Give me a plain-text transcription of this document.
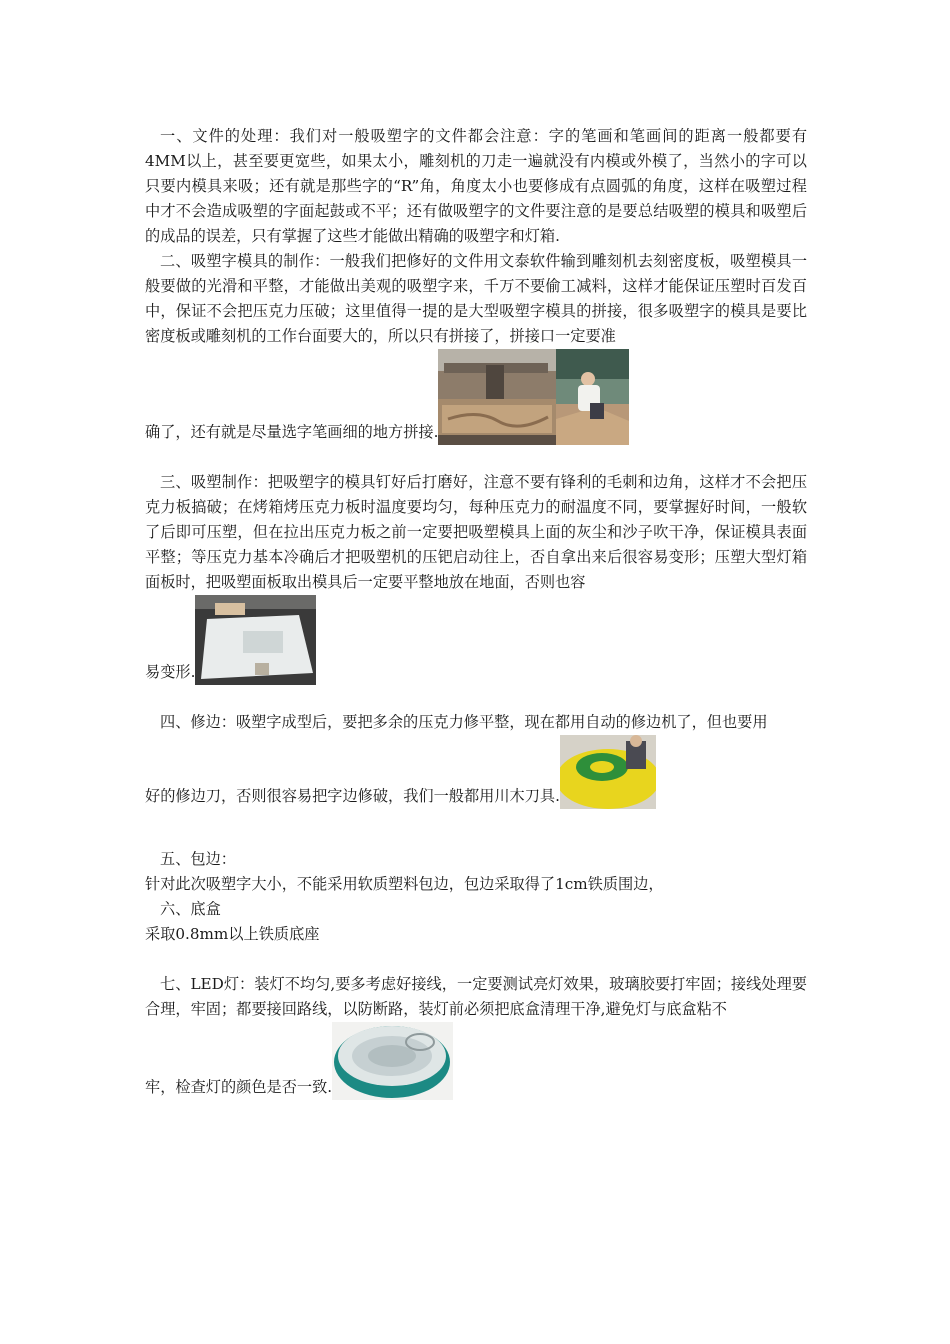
一、文件的处理：我们对一般吸塑字的文件都会注意：字的笔画和笔画间的距离一般都要有4MM以上，甚至要更宽些，如果太小，雕刻机的刀走一遍就没有内模或外模了，当然小的字可以只要内模具来吸；还有就是那些字的“R”角，角度太小也要修成有点圆弧的角度，这样在吸塑过程中才不会造成吸塑的字面起鼓或不平；还有做吸塑字的文件要注意的是要总结吸塑的模具和吸塑后的成品的误差，只有掌握了这些才能做出精确的吸塑字和灯箱.

二、吸塑字模具的制作：一般我们把修好的文件用文泰软件输到雕刻机去刻密度板，吸塑模具一般要做的光滑和平整，才能做出美观的吸塑字来，千万不要偷工减料，这样才能保证压塑时百发百中，保证不会把压克力压破；这里值得一提的是大型吸塑字模具的拼接，很多吸塑字的模具是要比密度板或雕刻机的工作台面要大的，所以只有拼接了，拼接口一定要准

确了，还有就是尽量选字笔画细的地方拼接.

三、吸塑制作：把吸塑字的模具钉好后打磨好，注意不要有锋利的毛刺和边角，这样才不会把压克力板搞破；在烤箱烤压克力板时温度要均匀，每种压克力的耐温度不同，要掌握好时间，一般软了后即可压塑，但在拉出压克力板之前一定要把吸塑模具上面的灰尘和沙子吹干净，保证模具表面平整；等压克力基本冷确后才把吸塑机的压钯启动往上，否自拿出来后很容易变形；压塑大型灯箱面板时，把吸塑面板取出模具后一定要平整地放在地面，否则也容

易变形.

四、修边：吸塑字成型后，要把多余的压克力修平整，现在都用自动的修边机了，但也要用

好的修边刀，否则很容易把字边修破，我们一般都用川木刀具.

五、包边：

针对此次吸塑字大小，不能采用软质塑料包边，包边采取得了1cm铁质围边，

六、底盒

采取0.8mm以上铁质底座

七、LED灯：装灯不均匀,要多考虑好接线，一定要测试亮灯效果，玻璃胶要打牢固；接线处理要合理，牢固；都要接回路线，以防断路，装灯前必须把底盒清理干净,避免灯与底盒粘不

牢，检查灯的颜色是否一致.
